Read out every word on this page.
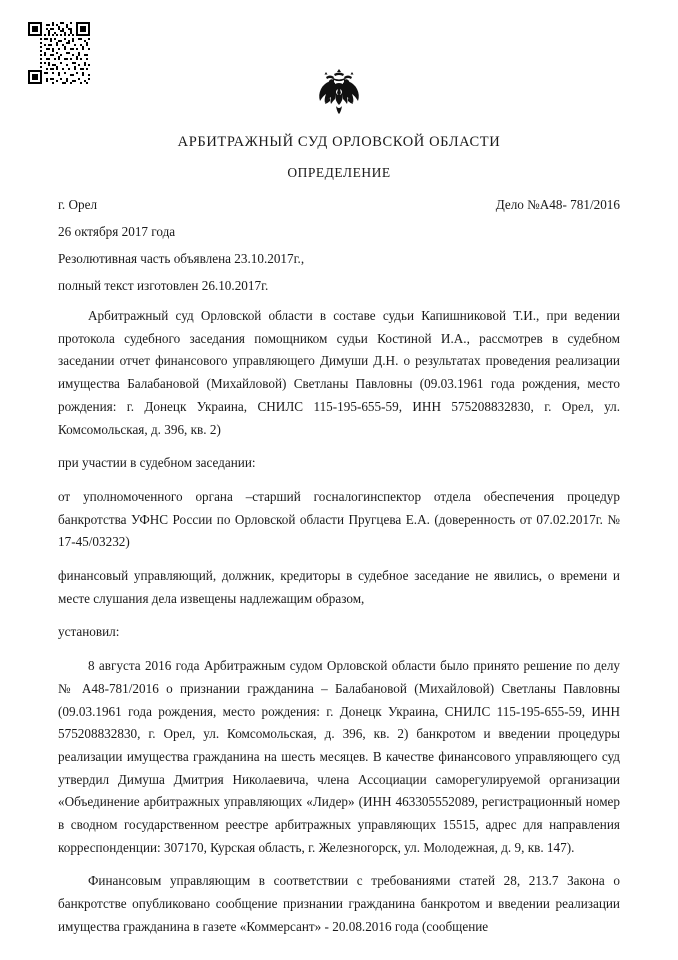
АРБИТРАЖНЫЙ СУД ОРЛОВСКОЙ ОБЛАСТИ
ОПРЕДЕЛЕНИЕ
г. Орел	Дело №А48- 781/2016
26 октября 2017 года
Резолютивная часть объявлена 23.10.2017г.,
полный текст изготовлен 26.10.2017г.

Арбитражный суд Орловской области в составе судьи Капишниковой Т.И., при ведении протокола судебного заседания помощником судьи Костиной И.А., рассмотрев в судебном заседании отчет финансового управляющего Димуши Д.Н. о результатах проведения реализации имущества Балабановой (Михайловой) Светланы Павловны (09.03.1961 года рождения, место рождения: г. Донецк Украина, СНИЛС 115-195-655-59, ИНН 575208832830, г. Орел, ул. Комсомольская, д. 396, кв. 2)

при участии в судебном заседании:

от уполномоченного органа –старший госналогинспектор отдела обеспечения процедур банкротства УФНС России по Орловской области Пругцева Е.А. (доверенность от 07.02.2017г. № 17-45/03232)

финансовый управляющий, должник, кредиторы в судебное заседание не явились, о времени и месте слушания дела извещены надлежащим образом,

установил:

8 августа 2016 года Арбитражным судом Орловской области было принято решение по делу № А48-781/2016 о признании гражданина – Балабановой (Михайловой) Светланы Павловны (09.03.1961 года рождения, место рождения: г. Донецк Украина, СНИЛС 115-195-655-59, ИНН 575208832830, г. Орел, ул. Комсомольская, д. 396, кв. 2) банкротом и введении процедуры реализации имущества гражданина на шесть месяцев. В качестве финансового управляющего суд утвердил Димуша Дмитрия Николаевича, члена Ассоциации саморегулируемой организации «Объединение арбитражных управляющих «Лидер» (ИНН 463305552089, регистрационный номер в сводном государственном реестре арбитражных управляющих 15515, адрес для направления корреспонденции: 307170, Курская область, г. Железногорск, ул. Молодежная, д. 9, кв. 147).

Финансовым управляющим в соответствии с требованиями статей 28, 213.7 Закона о банкротстве опубликовано сообщение признании гражданина банкротом и введении реализации имущества гражданина в газете «Коммерсант» - 20.08.2016 года (сообщение
